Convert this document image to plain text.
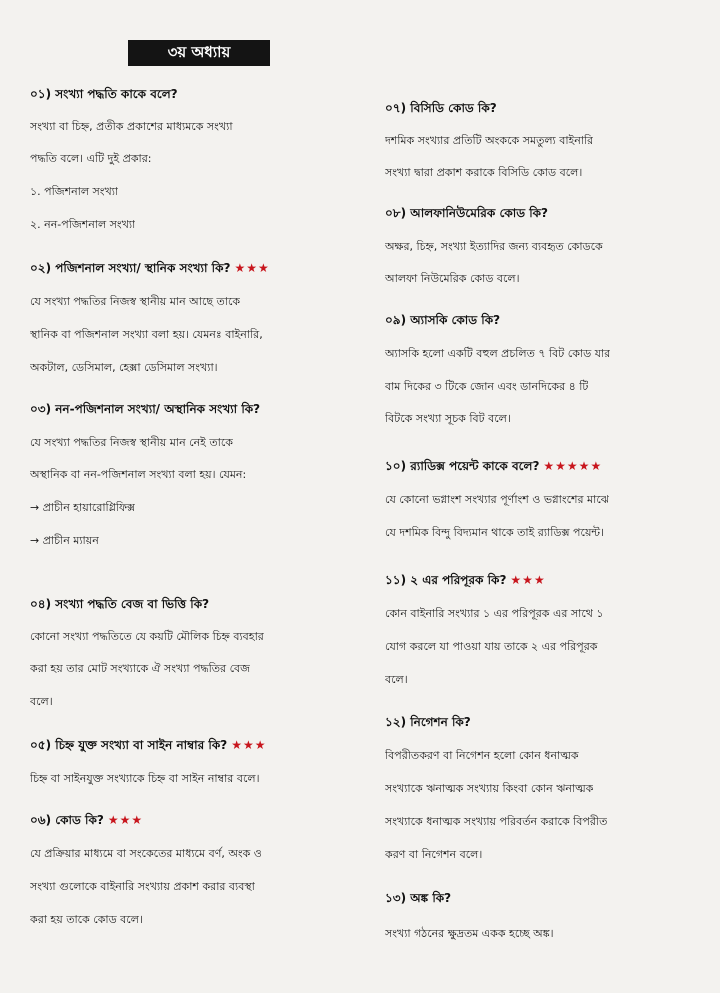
৩য় অধ্যায়
০১) সংখ্যা পদ্ধতি কাকে বলে?
সংখ্যা বা চিহ্ন, প্রতীক প্রকাশের মাধ্যমকে সংখ্যা
পদ্ধতি বলে। এটি দুই প্রকার:
১. পজিশনাল সংখ্যা
২. নন-পজিশনাল সংখ্যা
০২) পজিশনাল সংখ্যা/ স্থানিক সংখ্যা কি? ★★★
যে সংখ্যা পদ্ধতির নিজস্ব স্থানীয় মান আছে তাকে
স্থানিক বা পজিশনাল সংখ্যা বলা হয়। যেমনঃ বাইনারি,
অকটাল, ডেসিমাল, হেক্সা ডেসিমাল সংখ্যা।
০৩) নন-পজিশনাল সংখ্যা/ অস্থানিক সংখ্যা কি?
যে সংখ্যা পদ্ধতির নিজস্ব স্থানীয় মান নেই তাকে
অস্থানিক বা নন-পজিশনাল সংখ্যা বলা হয়। যেমন:
→ প্রাচীন হায়ারোগ্লিফিক্স
→ প্রাচীন ম্যায়ন
০৪) সংখ্যা পদ্ধতি বেজ বা ভিত্তি কি?
কোনো সংখ্যা পদ্ধতিতে যে কয়টি মৌলিক চিহ্ন ব্যবহার
করা হয় তার মোট সংখ্যাকে ঐ সংখ্যা পদ্ধতির বেজ
বলে।
০৫) চিহ্ন যুক্ত সংখ্যা বা সাইন নাম্বার কি? ★★★
চিহ্ন বা সাইনযুক্ত সংখ্যাকে চিহ্ন বা সাইন নাম্বার বলে।
০৬) কোড কি? ★★★
যে প্রক্রিয়ার মাধ্যমে বা সংকেতের মাধ্যমে বর্ণ, অংক ও
সংখ্যা গুলোকে বাইনারি সংখ্যায় প্রকাশ করার ব্যবস্থা
করা হয় তাকে কোড বলে।
০৭) বিসিডি কোড কি?
দশমিক সংখ্যার প্রতিটি অংককে সমতুল্য বাইনারি
সংখ্যা দ্বারা প্রকাশ করাকে বিসিডি কোড বলে।
০৮) আলফানিউমেরিক কোড কি?
অক্ষর, চিহ্ন, সংখ্যা ইত্যাদির জন্য ব্যবহৃত কোডকে
আলফা নিউমেরিক কোড বলে।
০৯) অ্যাসকি কোড কি?
অ্যাসকি হলো একটি বহুল প্রচলিত ৭ বিট কোড যার
বাম দিকের ৩ টিকে জোন এবং ডানদিকের ৪ টি
বিটকে সংখ্যা সূচক বিট বলে।
১০) র‍্যাডিক্স পয়েন্ট কাকে বলে? ★★★★★
যে কোনো ভগ্নাংশ সংখ্যার পূর্ণাংশ ও ভগ্নাংশের মাঝে
যে দশমিক বিন্দু বিদ্যমান থাকে তাই র‍্যাডিক্স পয়েন্ট।
১১) ২ এর পরিপূরক কি? ★★★
কোন বাইনারি সংখ্যার ১ এর পরিপূরক এর সাথে ১
যোগ করলে যা পাওয়া যায় তাকে ২ এর পরিপূরক
বলে।
১২) নিগেশন কি?
বিপরীতকরণ বা নিগেশন হলো কোন ধনাত্মক
সংখ্যাকে ঋনাত্মক সংখ্যায় কিংবা কোন ঋনাত্মক
সংখ্যাকে ধনাত্মক সংখ্যায় পরিবর্তন করাকে বিপরীত
করণ বা নিগেশন বলে।
১৩) অঙ্ক কি?
সংখ্যা গঠনের ক্ষুদ্রতম একক হচ্ছে অঙ্ক।
